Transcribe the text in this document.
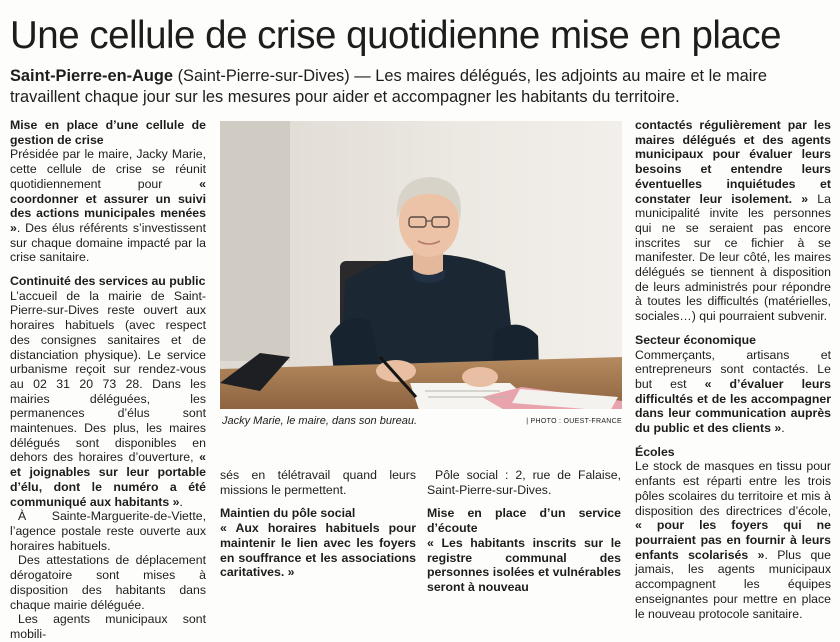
Une cellule de crise quotidienne mise en place

Saint-Pierre-en-Auge (Saint-Pierre-sur-Dives) — Les maires délégués, les adjoints au maire et le maire travaillent chaque jour sur les mesures pour aider et accompagner les habitants du territoire.

Mise en place d’une cellule de gestion de crise

Présidée par le maire, Jacky Marie, cette cellule de crise se réunit quotidiennement pour « coordonner et assurer un suivi des actions municipales menées ». Des élus référents s’investissent sur chaque domaine impacté par la crise sanitaire.

Continuité des services au public

L’accueil de la mairie de Saint-Pierre-sur-Dives reste ouvert aux horaires habituels (avec respect des consignes sanitaires et de distanciation physique). Le service urbanisme reçoit sur rendez-vous au 02 31 20 73 28. Dans les mairies déléguées, les permanences d’élus sont maintenues. Des plus, les maires délégués sont disponibles en dehors des horaires d’ouverture, « et joignables sur leur portable d’élu, dont le numéro a été communiqué aux habitants ».

À Sainte-Marguerite-de-Viette, l’agence postale reste ouverte aux horaires habituels.

Des attestations de déplacement dérogatoire sont mises à disposition des habitants dans chaque mairie déléguée.

Les agents municipaux sont mobili-

Jacky Marie, le maire, dans son bureau.	| PHOTO : OUEST-FRANCE

sés en télétravail quand leurs missions le permettent.

Maintien du pôle social

« Aux horaires habituels pour maintenir le lien avec les foyers en souffrance et les associations caritatives. »

Pôle social : 2, rue de Falaise, Saint-Pierre-sur-Dives.

Mise en place d’un service d’écoute

« Les habitants inscrits sur le registre communal des personnes isolées et vulnérables seront à nouveau

contactés régulièrement par les maires délégués et des agents municipaux pour évaluer leurs besoins et entendre leurs éventuelles inquiétudes et constater leur isolement. » La municipalité invite les personnes qui ne se seraient pas encore inscrites sur ce fichier à se manifester. De leur côté, les maires délégués se tiennent à disposition de leurs administrés pour répondre à toutes les difficultés (matérielles, sociales…) qui pourraient subvenir.

Secteur économique

Commerçants, artisans et entrepreneurs sont contactés. Le but est « d’évaluer leurs difficultés et de les accompagner dans leur communication auprès du public et des clients ».

Écoles

Le stock de masques en tissu pour enfants est réparti entre les trois pôles scolaires du territoire et mis à disposition des directrices d’école, « pour les foyers qui ne pourraient pas en fournir à leurs enfants scolarisés ». Plus que jamais, les agents municipaux accompagnent les équipes enseignantes pour mettre en place le nouveau protocole sanitaire.
